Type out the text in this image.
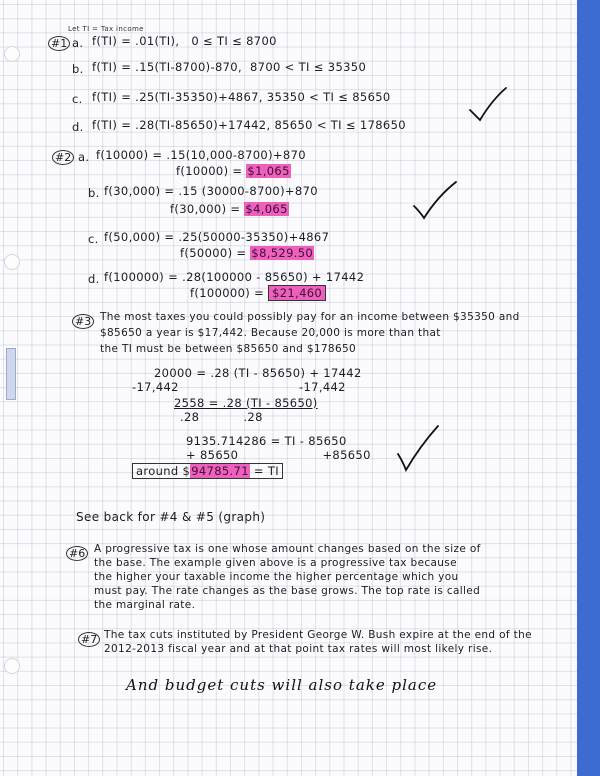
Let TI = Tax income
#1 a. f(TI) = .01(TI),   0 ≤ TI ≤ 8700
b. f(TI) = .15(TI-8700)-870,  8700 < TI ≤ 35350
c. f(TI) = .25(TI-35350)+4867, 35350 < TI ≤ 85650
d. f(TI) = .28(TI-85650)+17442, 85650 < TI ≤ 178650
#2 a. f(10000) = .15(10,000-8700)+870
f(10000) = $1,065
b. f(30,000) = .15 (30000-8700)+870
f(30,000) = $4,065
c. f(50,000) = .25(50000-35350)+4867
f(50000) = $8,529.50
d. f(100000) = .28(100000 - 85650) + 17442
f(100000) = $21,460
#3 The most taxes you could possibly pay for an income between $35350 and
$85650 a year is $17,442. Because 20,000 is more than that
the TI must be between $85650 and $178650
20000 = .28 (TI - 85650) + 17442
-17,442                              -17,442
2558 = .28 (TI - 85650)
.28           .28
9135.714286 = TI - 85650
+ 85650                     +85650
around $94785.71 = TI
See back for #4 & #5 (graph)
#6 A progressive tax is one whose amount changes based on the size of
the base. The example given above is a progressive tax because
the higher your taxable income the higher percentage which you
must pay. The rate changes as the base grows. The top rate is called
the marginal rate.
#7 The tax cuts instituted by President George W. Bush expire at the end of the
2012-2013 fiscal year and at that point tax rates will most likely rise.
And budget cuts will also take place
